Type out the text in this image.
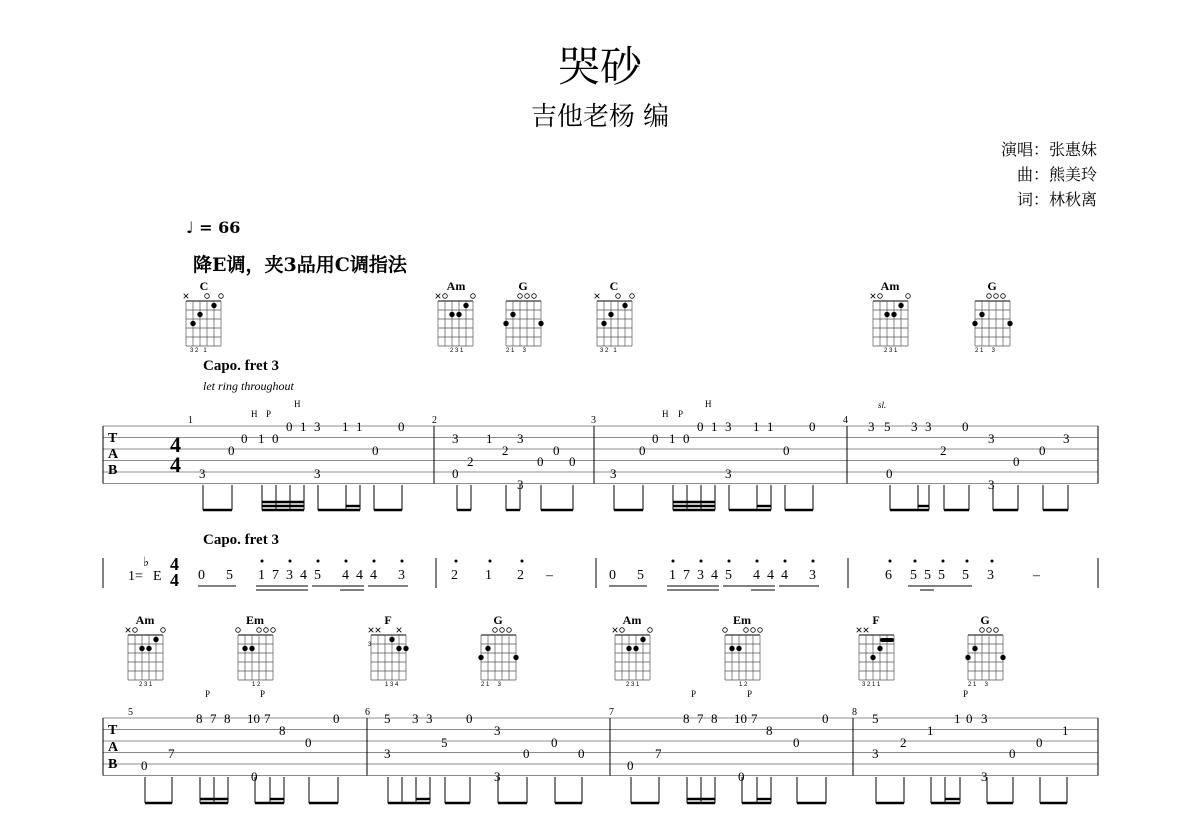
哭砂
吉他老杨 编
演唱：张惠妹
曲：熊美玲
词：林秋离
♩ = 66
降E调，夹3品用C调指法
Capo. fret 3
let ring throughout
Capo. fret 3
T
A
B
4
4
1=
♭
E
4
4
T
A
B
1	2	3	4
5	6	7	8
H P
H
H P
H	sl.
P	P	P	P	P
C	Am	G	C	Am	G
Am	Em	F	G	Am	Em	F	G
3 2   1	2 3 1	2 1     3	3 2   1	2 3 1	2 1     3
2 3 1	1 2	1 3 4	2 1     3	2 3 1	1 2	3 2 1 1	2 1     3
3
0 5 1 7 3 4 5 4 4 4 3	2 1 2 –	0 5 1 7 3 4 5 4 4 4 3	6 5 5 5 5 3	–
3
0
0 1 0
0 1 3
3
1 1
0
0
3
0
2
1
2
3
3
0
0
0
3
0
0 1 0
0 1 3
3
1 1
0
0	3 5
0
3 3
2
0
3
3
0
0
3
0
7
8 7 8 10 7
0
8
0
0	5
3
3 3
5
0
3
3
0
0
0
0
7
8 7 8 10 7
0
8
0
0	5
3
2
1
1 0 3
3
0
0
1
